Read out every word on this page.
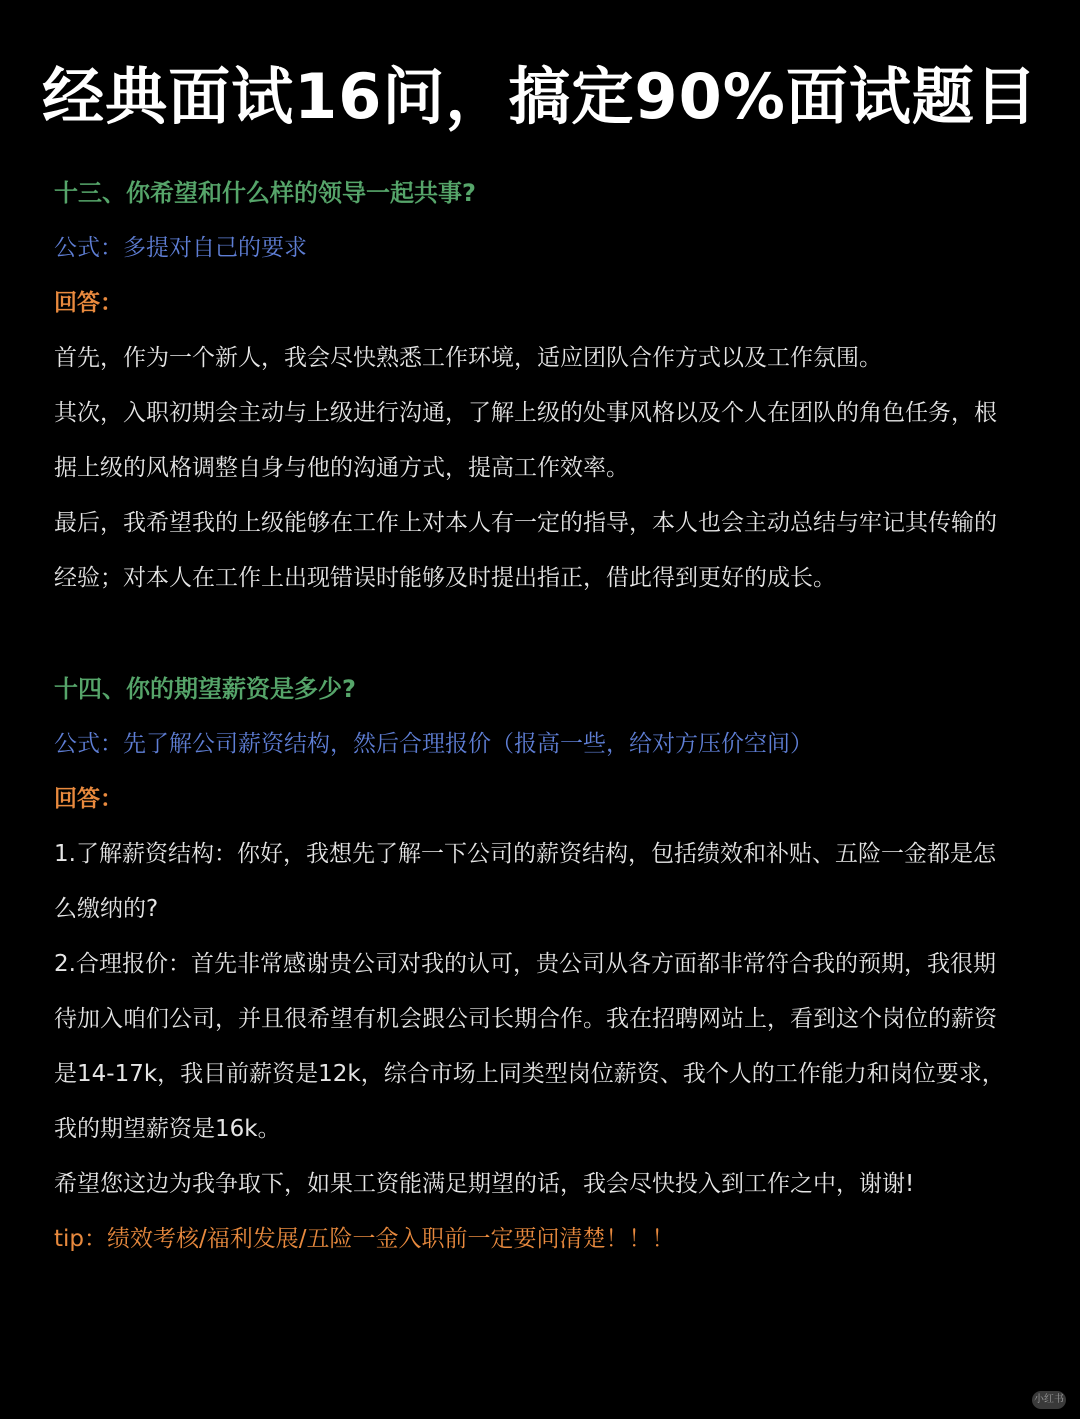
经典面试16问，搞定90%面试题目

十三、你希望和什么样的领导一起共事?

公式：多提对自己的要求

回答：

首先，作为一个新人，我会尽快熟悉工作环境，适应团队合作方式以及工作氛围。

其次，入职初期会主动与上级进行沟通，了解上级的处事风格以及个人在团队的角色任务，根

据上级的风格调整自身与他的沟通方式，提高工作效率。

最后，我希望我的上级能够在工作上对本人有一定的指导，本人也会主动总结与牢记其传输的

经验；对本人在工作上出现错误时能够及时提出指正，借此得到更好的成长。

十四、你的期望薪资是多少?

公式：先了解公司薪资结构，然后合理报价（报高一些，给对方压价空间）

回答：

1.了解薪资结构：你好，我想先了解一下公司的薪资结构，包括绩效和补贴、五险一金都是怎

么缴纳的?

2.合理报价：首先非常感谢贵公司对我的认可，贵公司从各方面都非常符合我的预期，我很期

待加入咱们公司，并且很希望有机会跟公司长期合作。我在招聘网站上，看到这个岗位的薪资

是14-17k，我目前薪资是12k，综合市场上同类型岗位薪资、我个人的工作能力和岗位要求，

我的期望薪资是16k。

希望您这边为我争取下，如果工资能满足期望的话，我会尽快投入到工作之中，谢谢!

tip：绩效考核/福利发展/五险一金入职前一定要问清楚！！！

小红书
